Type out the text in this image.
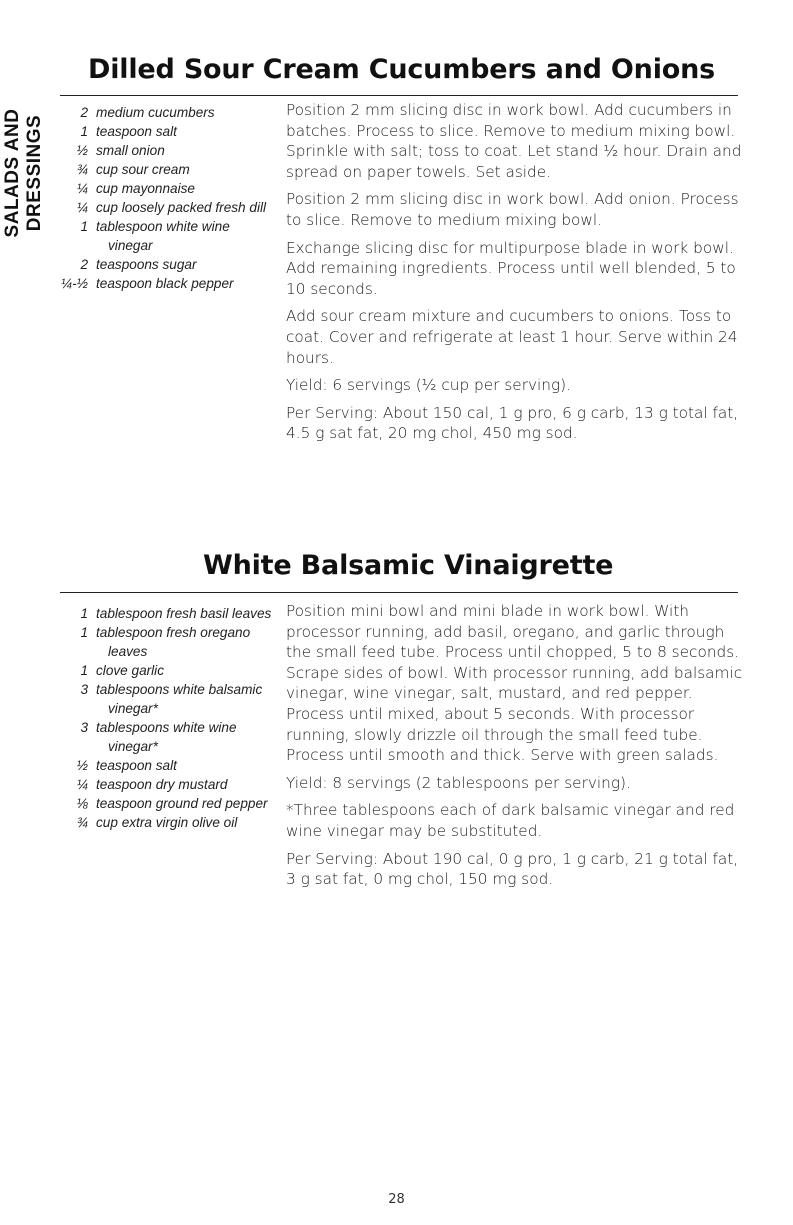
SALADS AND DRESSINGS
Dilled Sour Cream Cucumbers and Onions
2 medium cucumbers
1 teaspoon salt
½ small onion
¾ cup sour cream
¼ cup mayonnaise
¼ cup loosely packed fresh dill
1 tablespoon white wine vinegar
2 teaspoons sugar
¼-½ teaspoon black pepper

Position 2 mm slicing disc in work bowl. Add cucumbers in batches. Process to slice. Remove to medium mixing bowl. Sprinkle with salt; toss to coat. Let stand ½ hour. Drain and spread on paper towels. Set aside.

Position 2 mm slicing disc in work bowl. Add onion. Process to slice. Remove to medium mixing bowl.

Exchange slicing disc for multipurpose blade in work bowl. Add remaining ingredients. Process until well blended, 5 to 10 seconds.

Add sour cream mixture and cucumbers to onions. Toss to coat. Cover and refrigerate at least 1 hour. Serve within 24 hours.

Yield: 6 servings (½ cup per serving).

Per Serving: About 150 cal, 1 g pro, 6 g carb, 13 g total fat, 4.5 g sat fat, 20 mg chol, 450 mg sod.

White Balsamic Vinaigrette
1 tablespoon fresh basil leaves
1 tablespoon fresh oregano leaves
1 clove garlic
3 tablespoons white balsamic vinegar*
3 tablespoons white wine vinegar*
½ teaspoon salt
¼ teaspoon dry mustard
⅛ teaspoon ground red pepper
¾ cup extra virgin olive oil

Position mini bowl and mini blade in work bowl. With processor running, add basil, oregano, and garlic through the small feed tube. Process until chopped, 5 to 8 seconds. Scrape sides of bowl. With processor running, add balsamic vinegar, wine vinegar, salt, mustard, and red pepper. Process until mixed, about 5 seconds. With processor running, slowly drizzle oil through the small feed tube. Process until smooth and thick. Serve with green salads.

Yield: 8 servings (2 tablespoons per serving).

*Three tablespoons each of dark balsamic vinegar and red wine vinegar may be substituted.

Per Serving: About 190 cal, 0 g pro, 1 g carb, 21 g total fat, 3 g sat fat, 0 mg chol, 150 mg sod.

28
